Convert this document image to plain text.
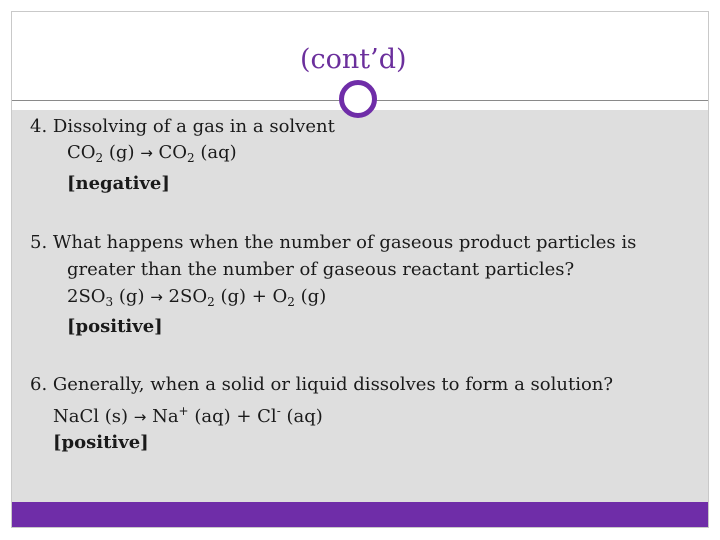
(cont’d)
4. Dissolving of a gas in a solvent
$CO_2$ $(g) \to CO_2$ (aq)
[negative]
5. What happens when the number of gaseous product particles is
greater than the number of gaseous reactant particles?
$2SO_3$ $(g) \to 2SO_2$ $(g) + O_2$ (g)
[positive]
6. Generally, when a solid or liquid dissolves to form a solution?
NaCl (s) → Na+ (aq) + Cl- (aq)
[positive]
